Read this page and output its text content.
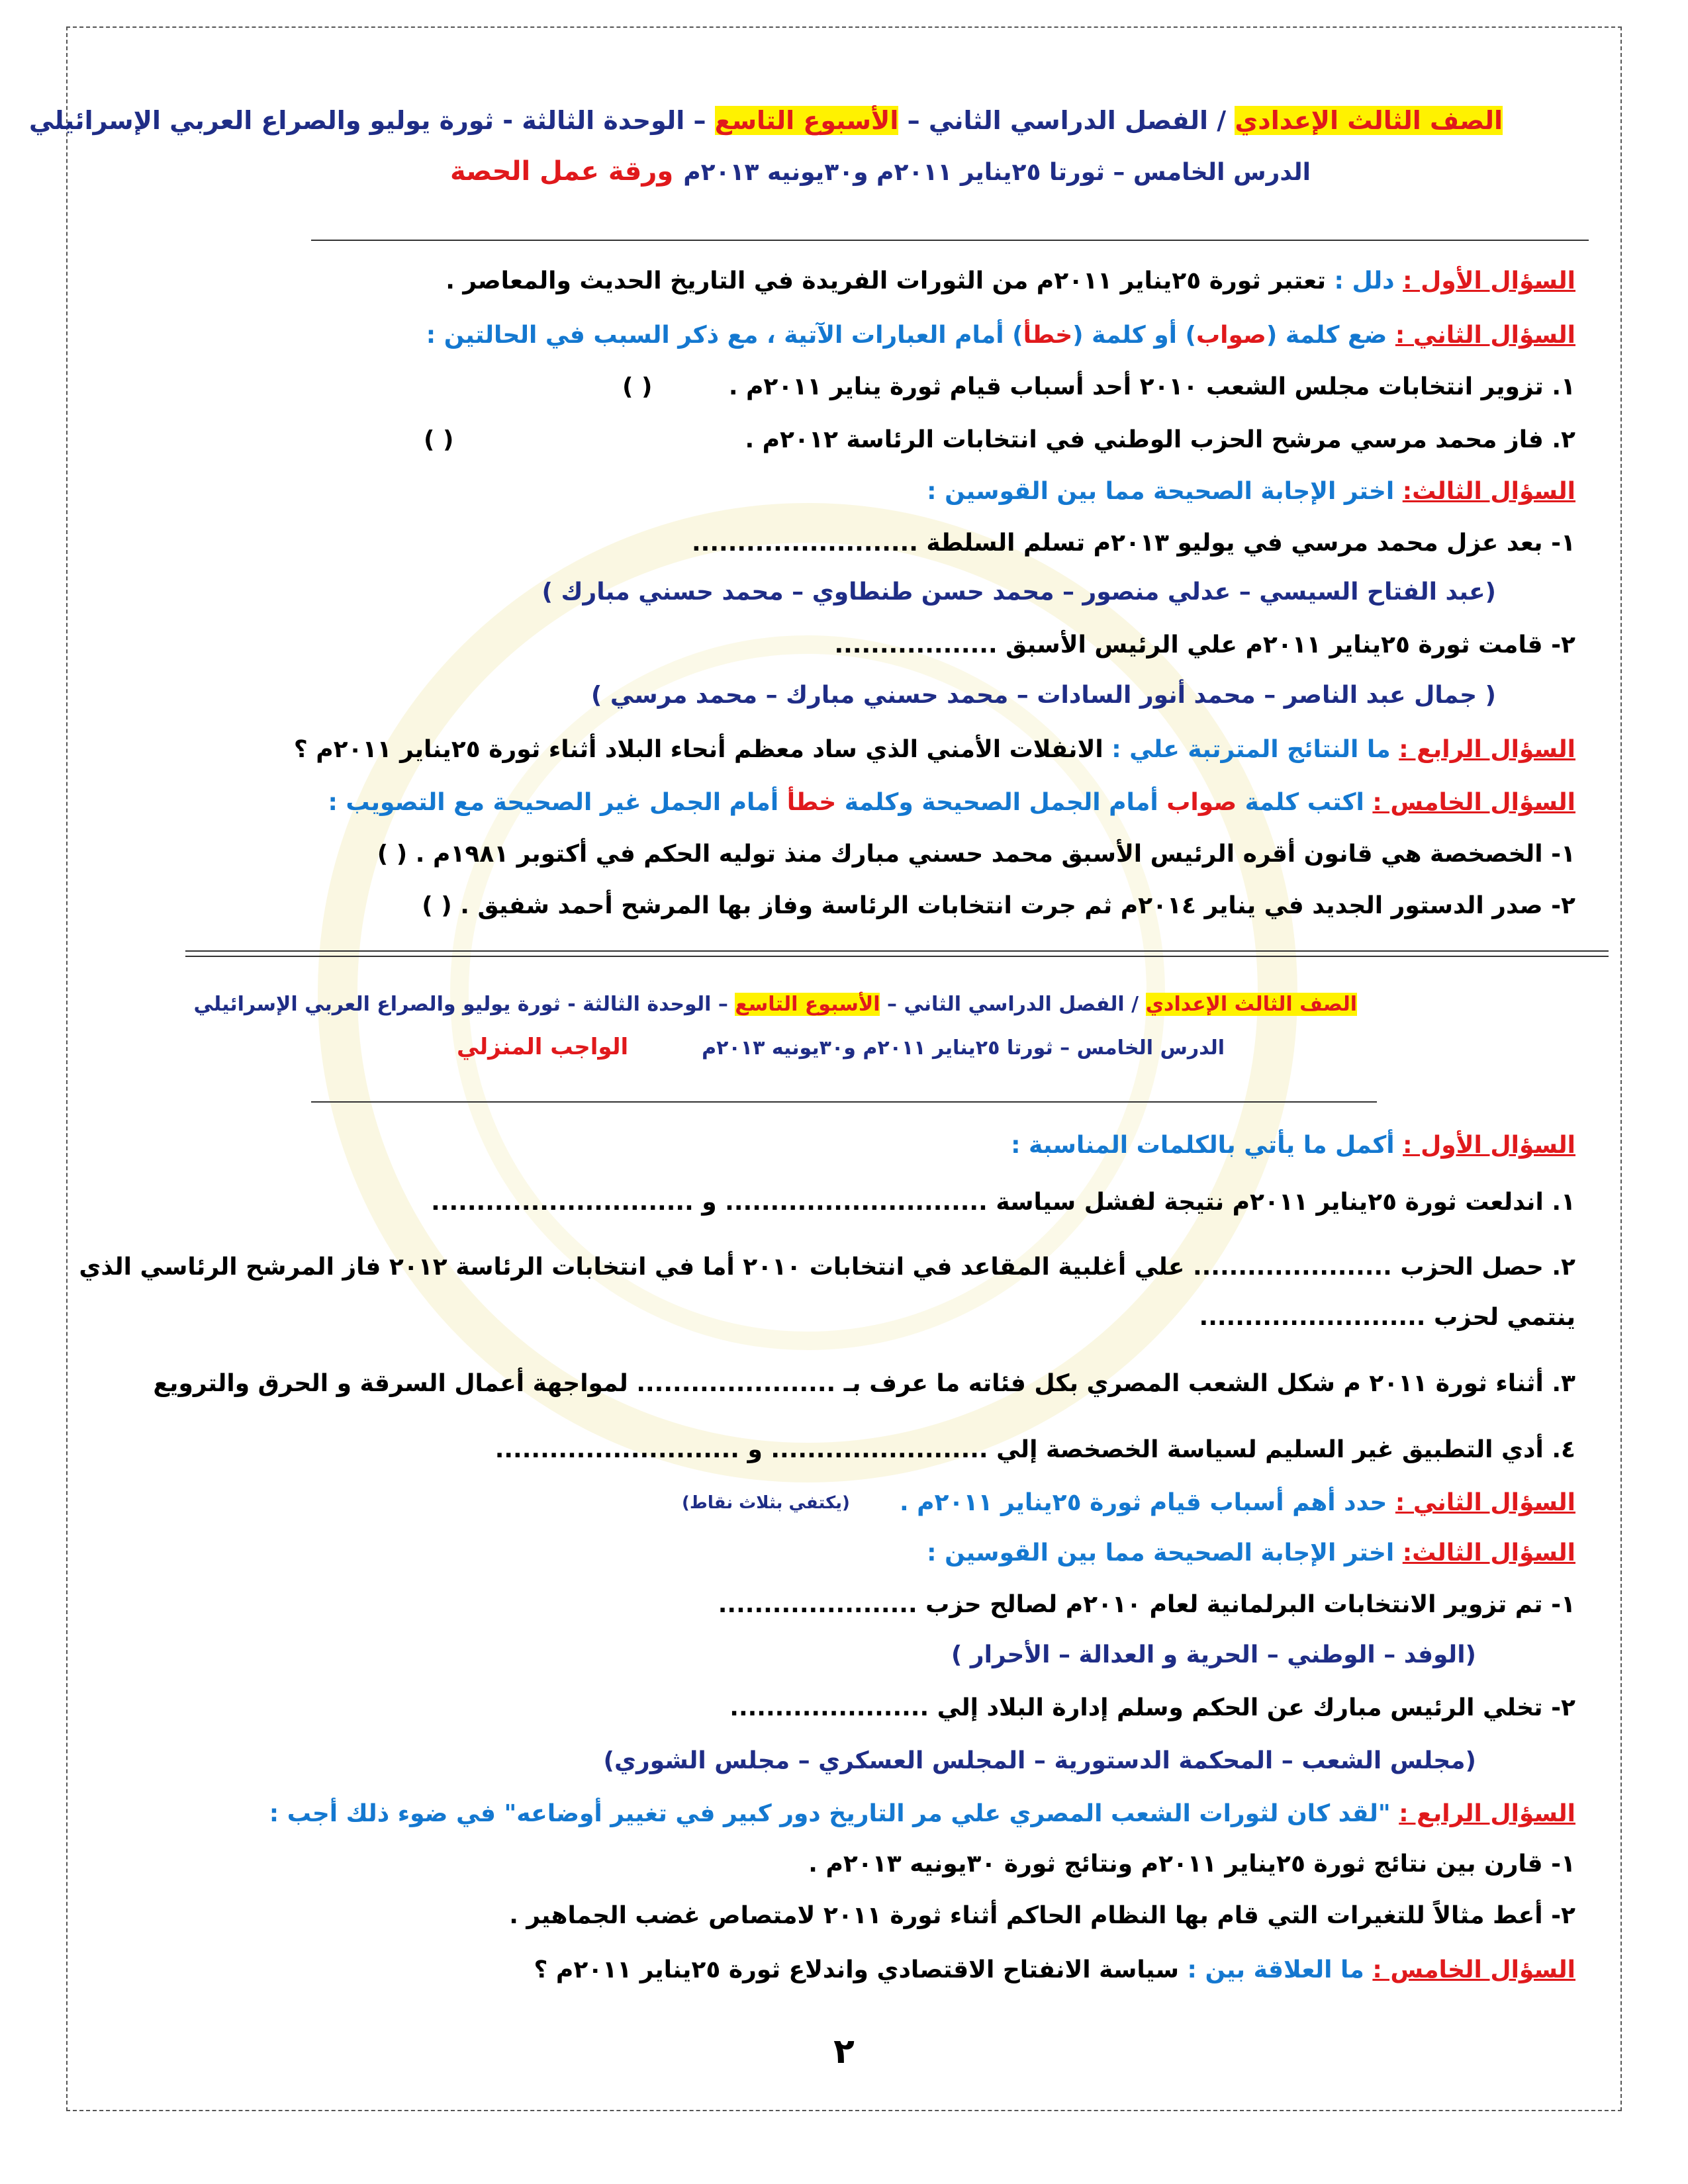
الصف الثالث الإعدادي / الفصل الدراسي الثاني – الأسبوع التاسع – الوحدة الثالثة - ثورة يوليو والصراع العربي الإسرائيلي
الدرس الخامس – ثورتا ٢٥يناير ٢٠١١م و٣٠يونيه ٢٠١٣م
ورقة عمل الحصة
السؤال الأول : دلل : تعتبر ثورة ٢٥يناير ٢٠١١م من الثورات الفريدة في التاريخ الحديث والمعاصر .
السؤال الثاني : ضع كلمة (صواب) أو كلمة (خطأ) أمام العبارات الآتية ، مع ذكر السبب في الحالتين :
١. تزوير انتخابات مجلس الشعب ٢٠١٠ أحد أسباب قيام ثورة يناير ٢٠١١م .
( )
٢. فاز محمد مرسي مرشح الحزب الوطني في انتخابات الرئاسة ٢٠١٢م .
( )
السؤال الثالث: اختر الإجابة الصحيحة مما بين القوسين :
١- بعد عزل محمد مرسي في يوليو ٢٠١٣م تسلم السلطة .........................
(عبد الفتاح السيسي – عدلي منصور – محمد حسن طنطاوي – محمد حسني مبارك )
٢- قامت ثورة ٢٥يناير ٢٠١١م علي الرئيس الأسبق ..................
( جمال عبد الناصر – محمد أنور السادات – محمد حسني مبارك – محمد مرسي )
السؤال الرابع : ما النتائج المترتبة علي : الانفلات الأمني الذي ساد معظم أنحاء البلاد أثناء ثورة ٢٥يناير ٢٠١١م ؟
السؤال الخامس : اكتب كلمة صواب أمام الجمل الصحيحة وكلمة خطأ أمام الجمل غير الصحيحة مع التصويب :
١- الخصخصة هي قانون أقره الرئيس الأسبق محمد حسني مبارك منذ توليه الحكم في أكتوبر ١٩٨١م . ( )
٢- صدر الدستور الجديد في يناير ٢٠١٤م ثم جرت انتخابات الرئاسة وفاز بها المرشح أحمد شفيق . ( )
الصف الثالث الإعدادي / الفصل الدراسي الثاني – الأسبوع التاسع – الوحدة الثالثة - ثورة يوليو والصراع العربي الإسرائيلي
الدرس الخامس – ثورتا ٢٥يناير ٢٠١١م و٣٠يونيه ٢٠١٣م
الواجب المنزلي
السؤال الأول : أكمل ما يأتي بالكلمات المناسبة :
١. اندلعت ثورة ٢٥يناير ٢٠١١م نتيجة لفشل سياسة ............................. و .............................
٢. حصل الحزب ...................... علي أغلبية المقاعد في انتخابات ٢٠١٠ أما في انتخابات الرئاسة ٢٠١٢ فاز المرشح الرئاسي الذي
ينتمي لحزب .........................
٣. أثناء ثورة ٢٠١١ م شكل الشعب المصري بكل فئاته ما عرف بـ ...................... لمواجهة أعمال السرقة و الحرق والترويع
٤. أدي التطبيق غير السليم لسياسة الخصخصة إلي ........................ و ...........................
السؤال الثاني : حدد أهم أسباب قيام ثورة ٢٥يناير ٢٠١١م .
(يكتفي بثلاث نقاط)
السؤال الثالث: اختر الإجابة الصحيحة مما بين القوسين :
١- تم تزوير الانتخابات البرلمانية لعام ٢٠١٠م لصالح حزب ......................
(الوفد – الوطني – الحرية و العدالة – الأحرار )
٢- تخلي الرئيس مبارك عن الحكم وسلم إدارة البلاد إلي ......................
(مجلس الشعب – المحكمة الدستورية – المجلس العسكري – مجلس الشوري)
السؤال الرابع : "لقد كان لثورات الشعب المصري علي مر التاريخ دور كبير في تغيير أوضاعه" في ضوء ذلك أجب :
١- قارن بين نتائج ثورة ٢٥يناير ٢٠١١م ونتائج ثورة ٣٠يونيه ٢٠١٣م .
٢- أعط مثالاً للتغيرات التي قام بها النظام الحاكم أثناء ثورة ٢٠١١ لامتصاص غضب الجماهير .
السؤال الخامس : ما العلاقة بين : سياسة الانفتاح الاقتصادي واندلاع ثورة ٢٥يناير ٢٠١١م ؟
٢
